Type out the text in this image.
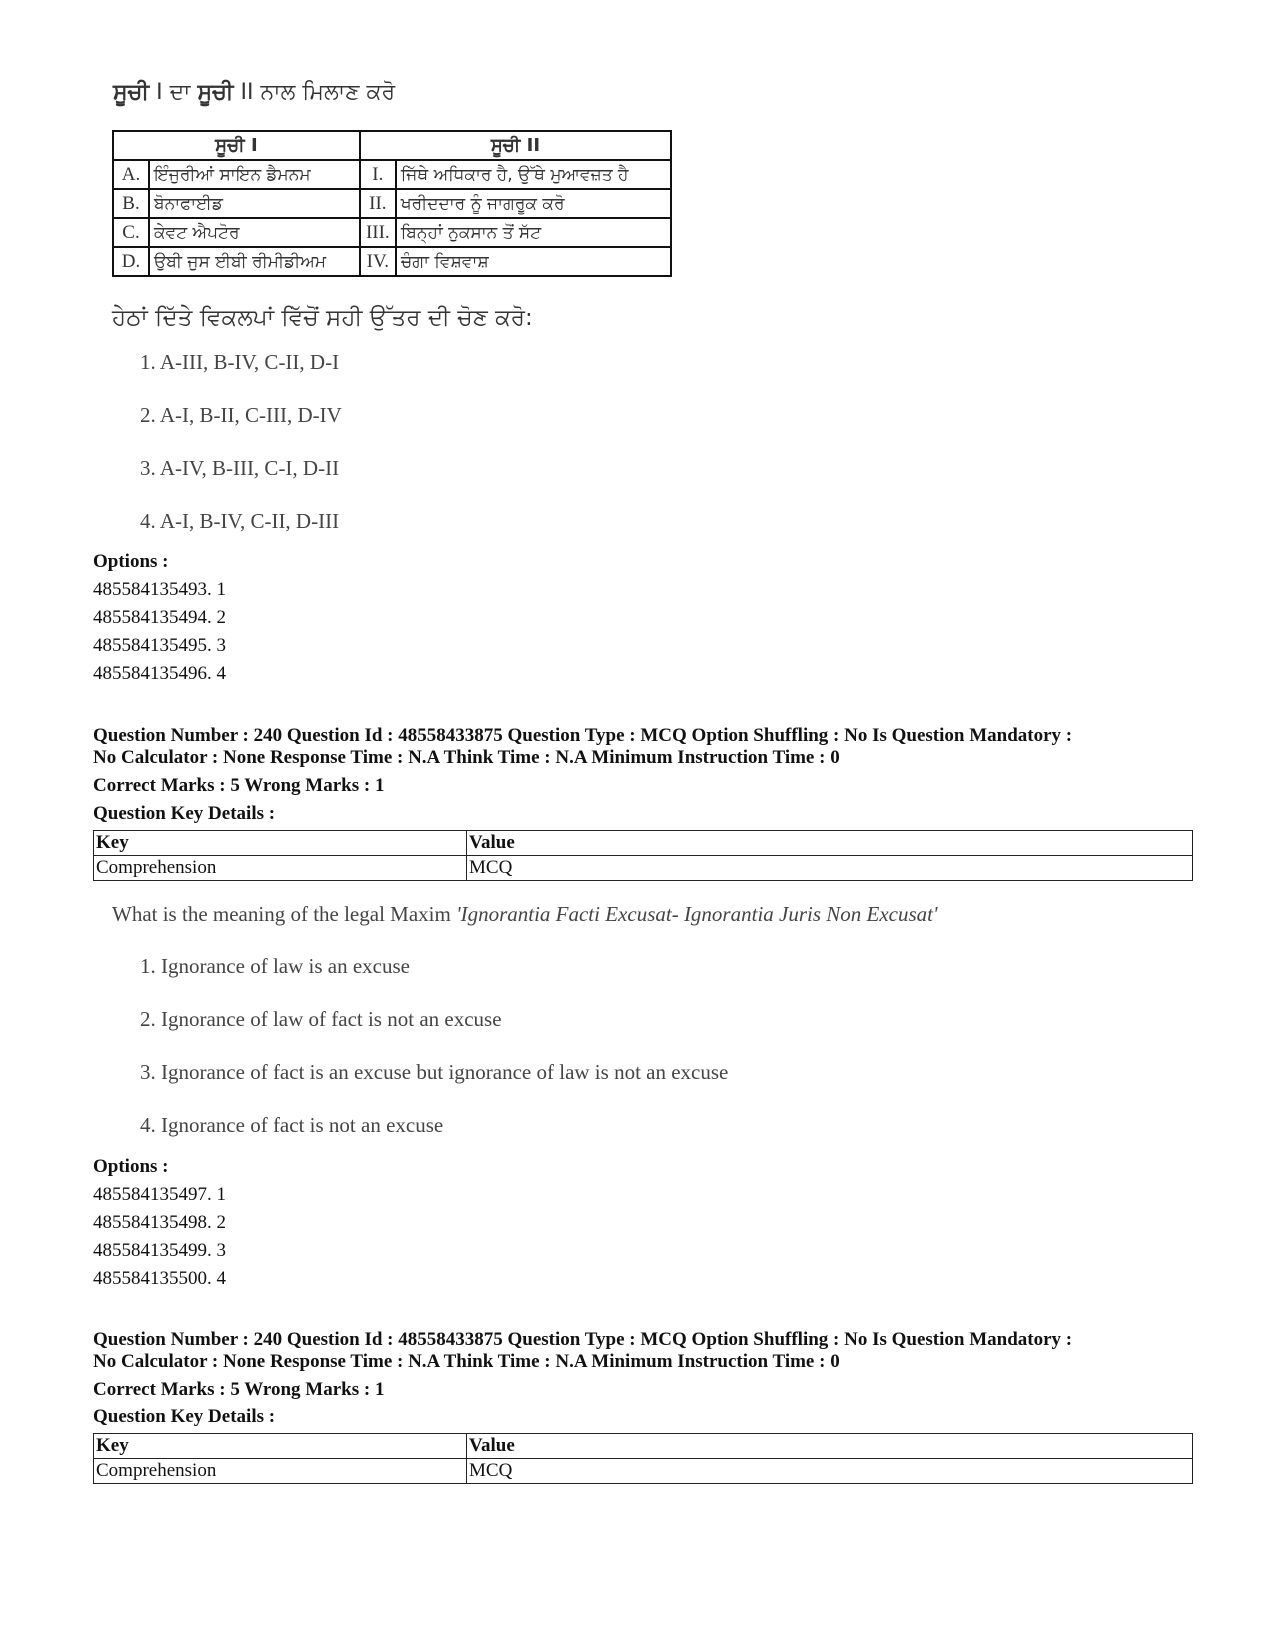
ਸੂਚੀ I ਦਾ ਸੂਚੀ II ਨਾਲ ਮਿਲਾਣ ਕਰੋ
ਸੂਚੀ I		ਸੂਚੀ II	
A.	ਇੰਜੁਰੀਆਂ ਸਾਇਨ ਡੈਮਨਮ	I.	ਜਿੱਥੇ ਅਧਿਕਾਰ ਹੈ, ਉੱਥੇ ਮੁਆਵਜ਼ਤ ਹੈ
B.	ਬੋਨਾਫਾਈਡ	II.	ਖਰੀਦਦਾਰ ਨੂੰ ਜਾਗਰੂਕ ਕਰੋ
C.	ਕੇਵਟ ਐਪਟੋਰ	III.	ਬਿਨ੍ਹਾਂ ਨੁਕਸਾਨ ਤੋਂ ਸੱਟ
D.	ਉਬੀ ਜੁਸ ਈਬੀ ਰੀਮੀਡੀਅਮ	IV.	ਚੰਗਾ ਵਿਸ਼ਵਾਸ਼
ਹੇਠਾਂ ਦਿੱਤੇ ਵਿਕਲਪਾਂ ਵਿੱਚੋਂ ਸਹੀ ਉੱਤਰ ਦੀ ਚੋਣ ਕਰੋ:
1. A-III, B-IV, C-II, D-I
2. A-I, B-II, C-III, D-IV
3. A-IV, B-III, C-I, D-II
4. A-I, B-IV, C-II, D-III
Options :
485584135493. 1
485584135494. 2
485584135495. 3
485584135496. 4
Question Number : 240 Question Id : 48558433875 Question Type : MCQ Option Shuffling : No Is Question Mandatory :
No Calculator : None Response Time : N.A Think Time : N.A Minimum Instruction Time : 0
Correct Marks : 5 Wrong Marks : 1
Question Key Details :
Key	Value
Comprehension	MCQ
What is the meaning of the legal Maxim 'Ignorantia Facti Excusat- Ignorantia Juris Non Excusat'
1. Ignorance of law is an excuse
2. Ignorance of law of fact is not an excuse
3. Ignorance of fact is an excuse but ignorance of law is not an excuse
4. Ignorance of fact is not an excuse
Options :
485584135497. 1
485584135498. 2
485584135499. 3
485584135500. 4
Question Number : 240 Question Id : 48558433875 Question Type : MCQ Option Shuffling : No Is Question Mandatory :
No Calculator : None Response Time : N.A Think Time : N.A Minimum Instruction Time : 0
Correct Marks : 5 Wrong Marks : 1
Question Key Details :
Key	Value
Comprehension	MCQ
